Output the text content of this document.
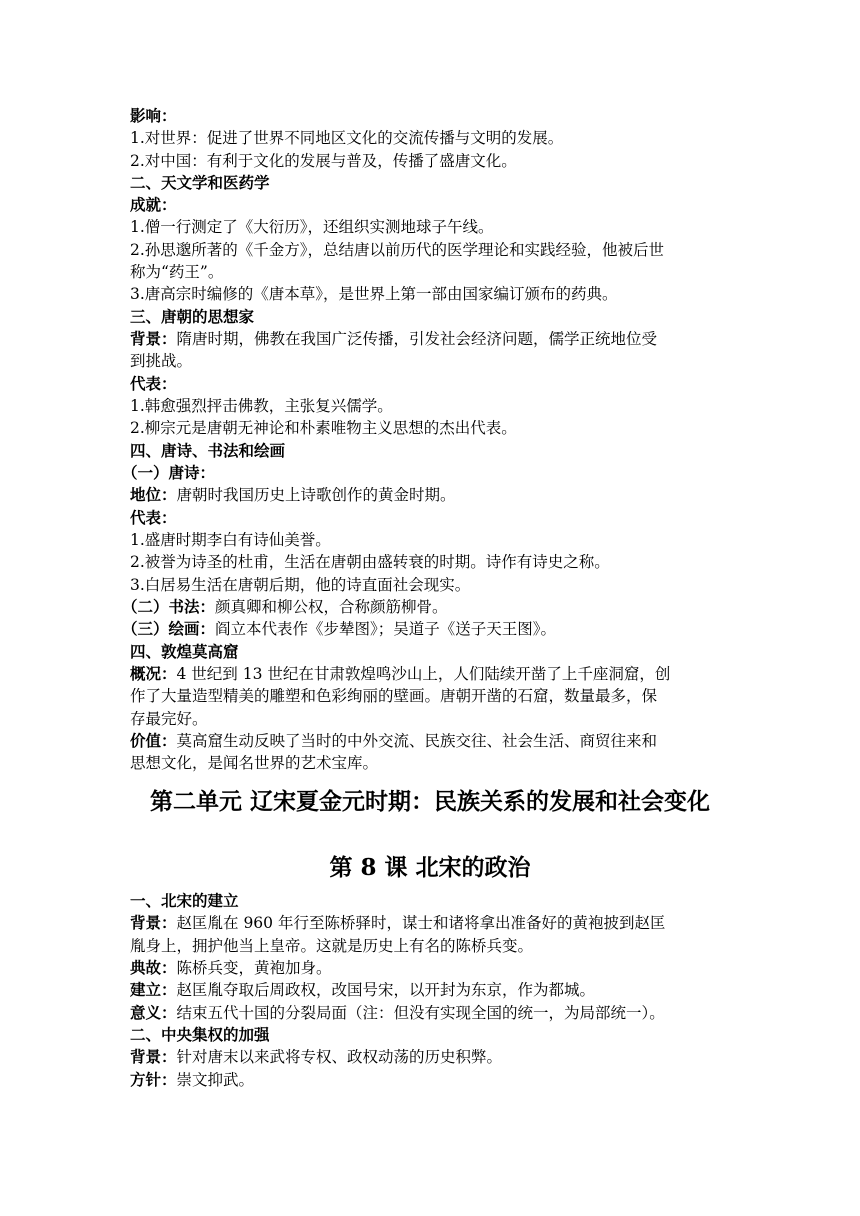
影响：
1.对世界：促进了世界不同地区文化的交流传播与文明的发展。
2.对中国：有利于文化的发展与普及，传播了盛唐文化。
二、天文学和医药学
成就：
1.僧一行测定了《大衍历》，还组织实测地球子午线。
2.孙思邈所著的《千金方》，总结唐以前历代的医学理论和实践经验，他被后世
称为“药王”。
3.唐高宗时编修的《唐本草》，是世界上第一部由国家编订颁布的药典。
三、唐朝的思想家
背景：隋唐时期，佛教在我国广泛传播，引发社会经济问题，儒学正统地位受
到挑战。
代表：
1.韩愈强烈抨击佛教，主张复兴儒学。
2.柳宗元是唐朝无神论和朴素唯物主义思想的杰出代表。
四、唐诗、书法和绘画
（一）唐诗：
地位：唐朝时我国历史上诗歌创作的黄金时期。
代表：
1.盛唐时期李白有诗仙美誉。
2.被誉为诗圣的杜甫，生活在唐朝由盛转衰的时期。诗作有诗史之称。
3.白居易生活在唐朝后期，他的诗直面社会现实。
（二）书法：颜真卿和柳公权，合称颜筋柳骨。
（三）绘画：阎立本代表作《步辇图》；吴道子《送子天王图》。
四、敦煌莫高窟
概况：4 世纪到 13 世纪在甘肃敦煌鸣沙山上，人们陆续开凿了上千座洞窟，创
作了大量造型精美的雕塑和色彩绚丽的壁画。唐朝开凿的石窟，数量最多，保
存最完好。
价值：莫高窟生动反映了当时的中外交流、民族交往、社会生活、商贸往来和
思想文化，是闻名世界的艺术宝库。
第二单元 辽宋夏金元时期：民族关系的发展和社会变化
第 8 课 北宋的政治
一、北宋的建立
背景：赵匡胤在 960 年行至陈桥驿时，谋士和诸将拿出准备好的黄袍披到赵匡
胤身上，拥护他当上皇帝。这就是历史上有名的陈桥兵变。
典故：陈桥兵变，黄袍加身。
建立：赵匡胤夺取后周政权，改国号宋，以开封为东京，作为都城。
意义：结束五代十国的分裂局面（注：但没有实现全国的统一，为局部统一）。
二、中央集权的加强
背景：针对唐末以来武将专权、政权动荡的历史积弊。
方针：崇文抑武。
